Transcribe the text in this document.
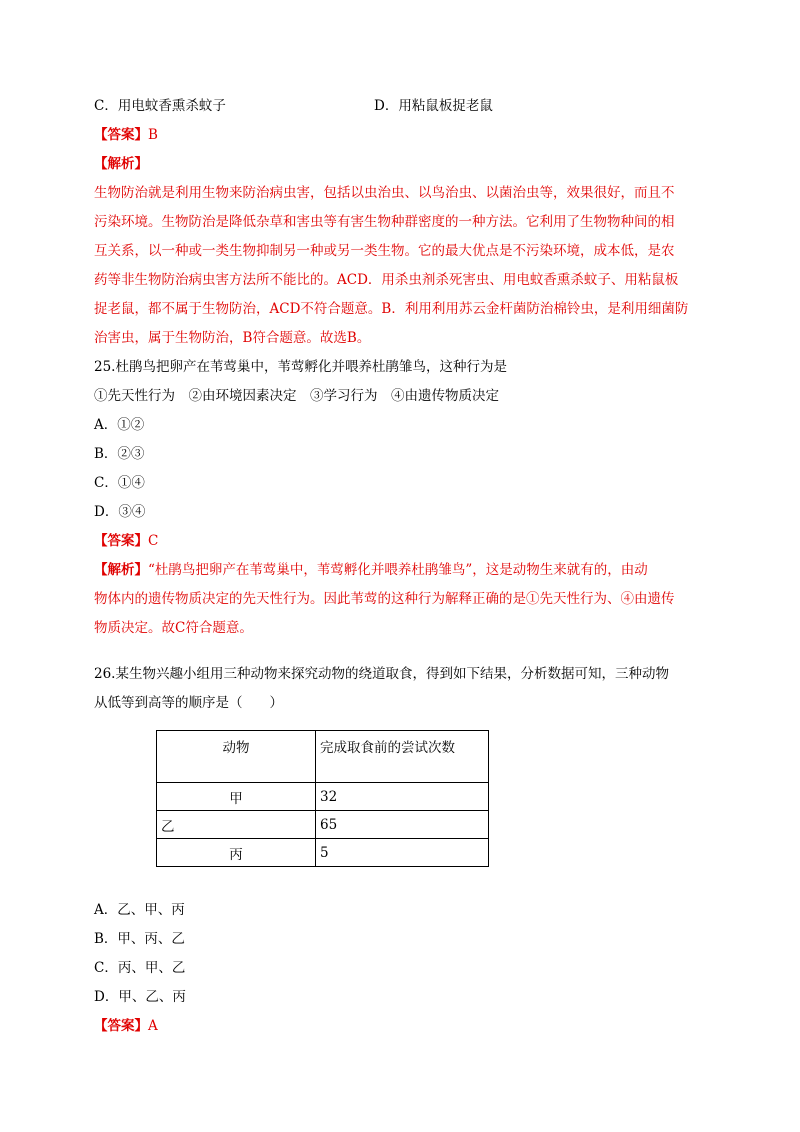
C．用电蚊香熏杀蚊子	D．用粘鼠板捉老鼠
【答案】B
【解析】
生物防治就是利用生物来防治病虫害，包括以虫治虫、以鸟治虫、以菌治虫等，效果很好，而且不
污染环境。生物防治是降低杂草和害虫等有害生物种群密度的一种方法。它利用了生物物种间的相
互关系，以一种或一类生物抑制另一种或另一类生物。它的最大优点是不污染环境，成本低，是农
药等非生物防治病虫害方法所不能比的。ACD．用杀虫剂杀死害虫、用电蚊香熏杀蚊子、用粘鼠板
捉老鼠，都不属于生物防治，ACD不符合题意。B．利用利用苏云金杆菌防治棉铃虫，是利用细菌防
治害虫，属于生物防治，B符合题意。故选B。
25.杜鹃鸟把卵产在苇莺巢中，苇莺孵化并喂养杜鹃雏鸟，这种行为是
①先天性行为　②由环境因素决定　③学习行为　④由遗传物质决定
A．①②
B．②③
C．①④
D．③④
【答案】C
【解析】“杜鹃鸟把卵产在苇莺巢中，苇莺孵化并喂养杜鹃雏鸟”，这是动物生来就有的，由动
物体内的遗传物质决定的先天性行为。因此苇莺的这种行为解释正确的是①先天性行为、④由遗传
物质决定。故C符合题意。
26.某生物兴趣小组用三种动物来探究动物的绕道取食，得到如下结果，分析数据可知，三种动物
从低等到高等的顺序是（　　）
动物	完成取食前的尝试次数
甲	32
乙	65
丙	5
A．乙、甲、丙
B．甲、丙、乙
C．丙、甲、乙
D．甲、乙、丙
【答案】A
